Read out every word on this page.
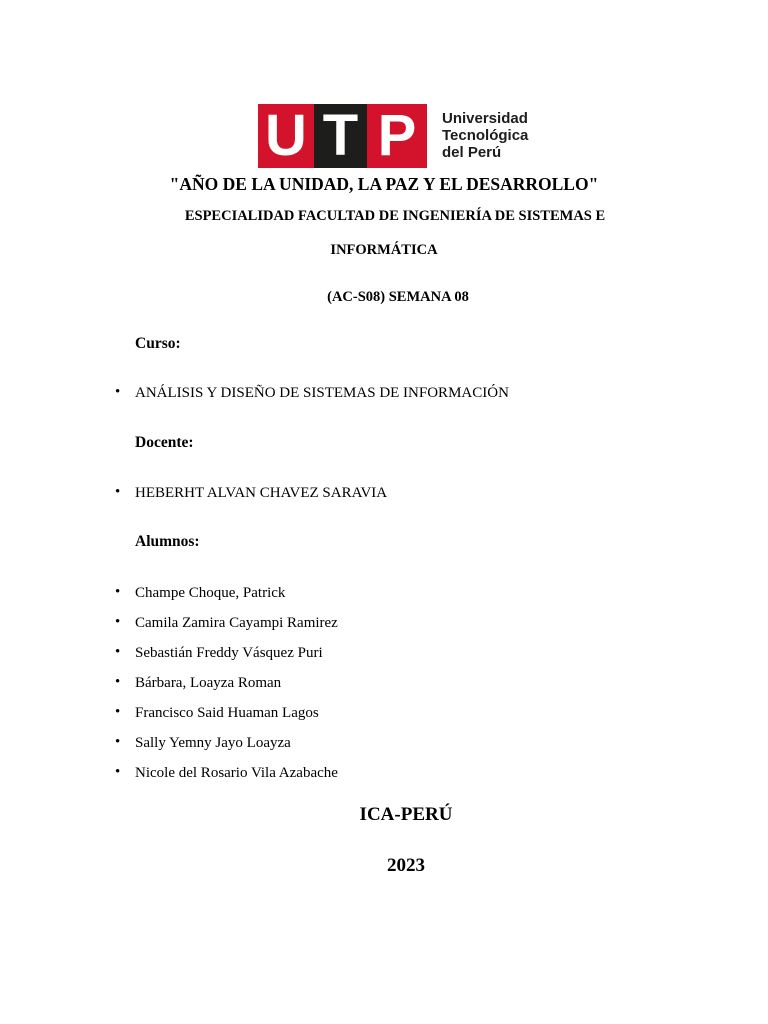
U T P	Universidad
Tecnológica
del Perú
"AÑO DE LA UNIDAD, LA PAZ Y EL DESARROLLO"
ESPECIALIDAD FACULTAD DE INGENIERÍA DE SISTEMAS E
INFORMÁTICA
(AC-S08) SEMANA 08
Curso:
• ANÁLISIS Y DISEÑO DE SISTEMAS DE INFORMACIÓN
Docente:
• HEBERHT ALVAN CHAVEZ SARAVIA
Alumnos:
• Champe Choque, Patrick
• Camila Zamira Cayampi Ramirez
• Sebastián Freddy Vásquez Puri
• Bárbara, Loayza Roman
• Francisco Said Huaman Lagos
• Sally Yemny Jayo Loayza
• Nicole del Rosario Vila Azabache
ICA-PERÚ
2023
